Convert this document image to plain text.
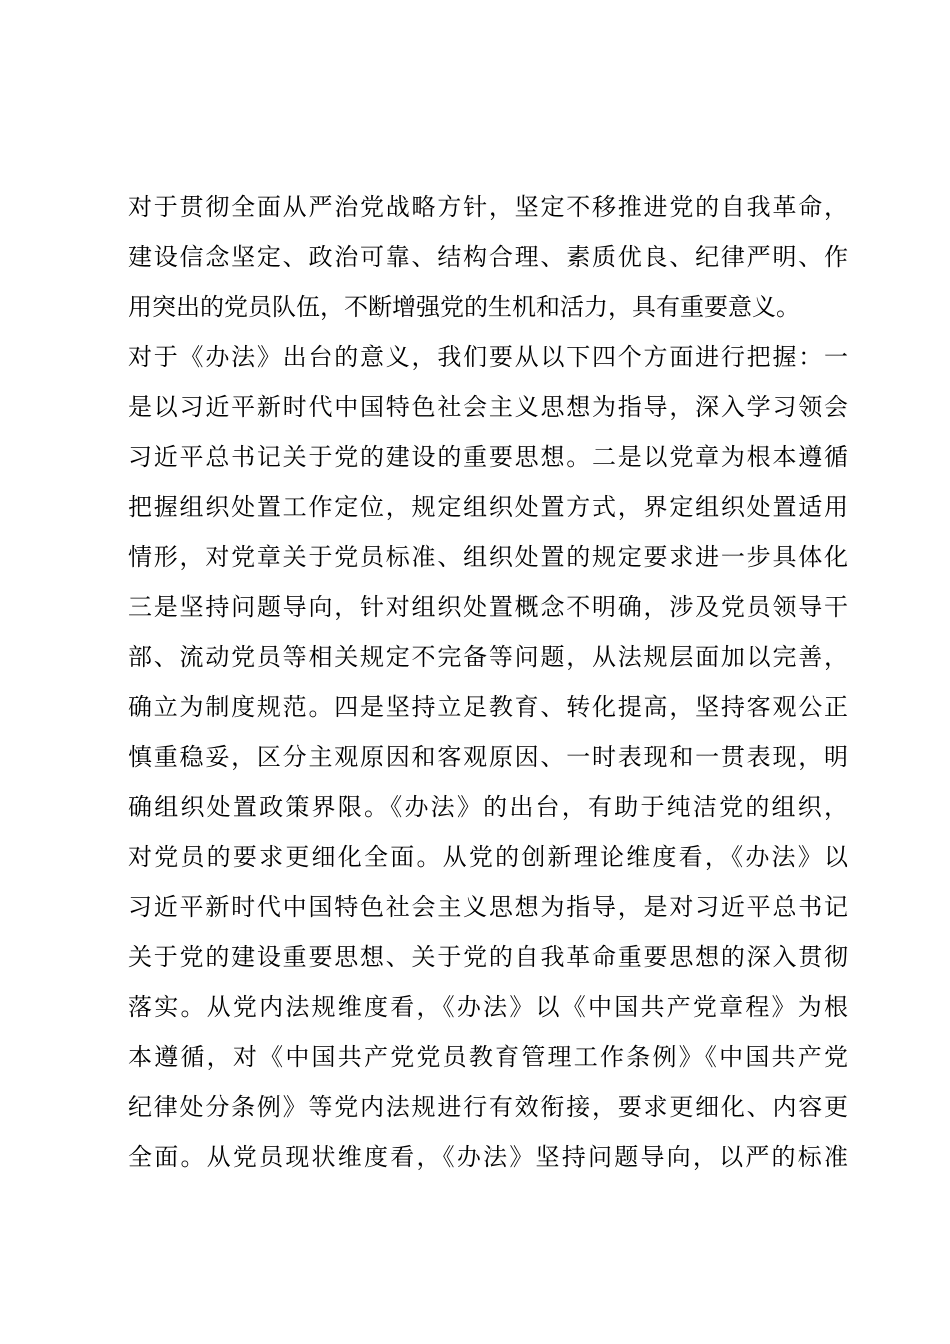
对于贯彻全面从严治党战略方针，坚定不移推进党的自我革命，
建设信念坚定、政治可靠、结构合理、素质优良、纪律严明、作
用突出的党员队伍，不断增强党的生机和活力，具有重要意义。
对于《办法》出台的意义，我们要从以下四个方面进行把握：一
是以习近平新时代中国特色社会主义思想为指导，深入学习领会
习近平总书记关于党的建设的重要思想。二是以党章为根本遵循
把握组织处置工作定位，规定组织处置方式，界定组织处置适用
情形，对党章关于党员标准、组织处置的规定要求进一步具体化
三是坚持问题导向，针对组织处置概念不明确，涉及党员领导干
部、流动党员等相关规定不完备等问题，从法规层面加以完善，
确立为制度规范。四是坚持立足教育、转化提高，坚持客观公正
慎重稳妥，区分主观原因和客观原因、一时表现和一贯表现，明
确组织处置政策界限。《办法》的出台，有助于纯洁党的组织，
对党员的要求更细化全面。从党的创新理论维度看，《办法》以
习近平新时代中国特色社会主义思想为指导，是对习近平总书记
关于党的建设重要思想、关于党的自我革命重要思想的深入贯彻
落实。从党内法规维度看，《办法》以《中国共产党章程》为根
本遵循，对《中国共产党党员教育管理工作条例》《中国共产党
纪律处分条例》等党内法规进行有效衔接，要求更细化、内容更
全面。从党员现状维度看，《办法》坚持问题导向，以严的标准
